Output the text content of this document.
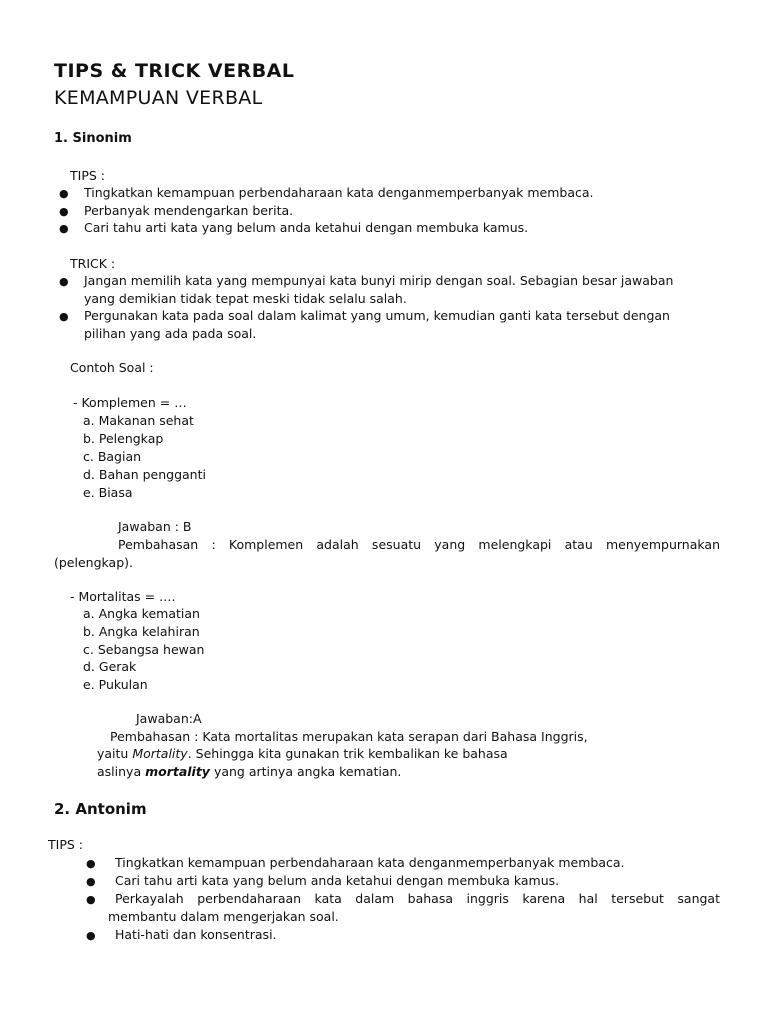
TIPS & TRICK VERBAL
KEMAMPUAN VERBAL
1. Sinonim
TIPS :
● Tingkatkan kemampuan perbendaharaan kata denganmemperbanyak membaca.
● Perbanyak mendengarkan berita.
● Cari tahu arti kata yang belum anda ketahui dengan membuka kamus.
TRICK :
● Jangan memilih kata yang mempunyai kata bunyi mirip dengan soal. Sebagian besar jawaban
yang demikian tidak tepat meski tidak selalu salah.
● Pergunakan kata pada soal dalam kalimat yang umum, kemudian ganti kata tersebut dengan
pilihan yang ada pada soal.
Contoh Soal :
- Komplemen = …
a. Makanan sehat
b. Pelengkap
c. Bagian
d. Bahan pengganti
e. Biasa
Jawaban : B
Pembahasan : Komplemen adalah sesuatu yang melengkapi atau menyempurnakan
(pelengkap).
- Mortalitas = ….
a. Angka kematian
b. Angka kelahiran
c. Sebangsa hewan
d. Gerak
e. Pukulan
Jawaban:A
Pembahasan : Kata mortalitas merupakan kata serapan dari Bahasa Inggris,
yaitu Mortality. Sehingga kita gunakan trik kembalikan ke bahasa
aslinya mortality yang artinya angka kematian.
2. Antonim
TIPS :
● Tingkatkan kemampuan perbendaharaan kata denganmemperbanyak membaca.
● Cari tahu arti kata yang belum anda ketahui dengan membuka kamus.
● Perkayalah perbendaharaan kata dalam bahasa inggris karena hal tersebut sangat
membantu dalam mengerjakan soal.
● Hati-hati dan konsentrasi.
